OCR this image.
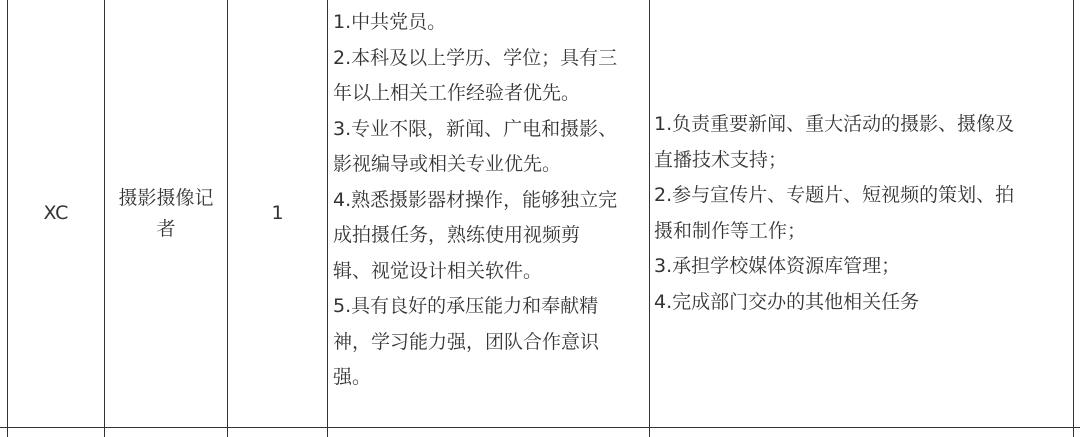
XC
摄影摄像记
者
1
1.中共党员。
2.本科及以上学历、学位；具有三
年以上相关工作经验者优先。
3.专业不限，新闻、广电和摄影、
影视编导或相关专业优先。
4.熟悉摄影器材操作，能够独立完
成拍摄任务，熟练使用视频剪
辑、视觉设计相关软件。
5.具有良好的承压能力和奉献精
神，学习能力强，团队合作意识
强。
1.负责重要新闻、重大活动的摄影、摄像及
直播技术支持；
2.参与宣传片、专题片、短视频的策划、拍
摄和制作等工作；
3.承担学校媒体资源库管理；
4.完成部门交办的其他相关任务
